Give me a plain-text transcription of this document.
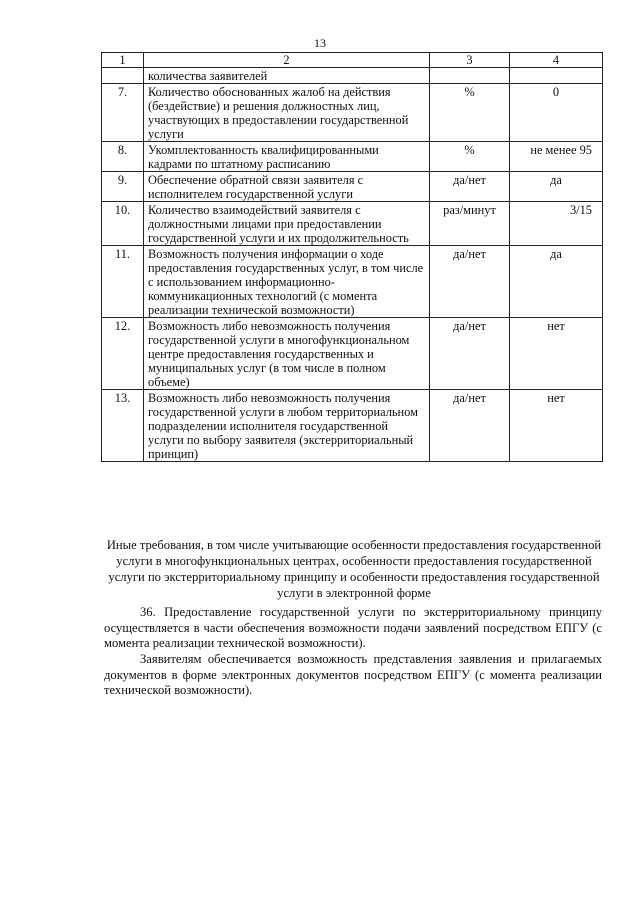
13
1	2	3	4
	количества заявителей		
7.	Количество обоснованных жалоб на действия (бездействие) и решения должностных лиц, участвующих в предоставлении государственной услуги	%	0
8.	Укомплектованность квалифицированными кадрами по штатному расписанию	%	не менее 95
9.	Обеспечение обратной связи заявителя с исполнителем государственной услуги	да/нет	да
10.	Количество взаимодействий заявителя с должностными лицами при предоставлении государственной услуги и их продолжительность	раз/минут	3/15
11.	Возможность получения информации о ходе предоставления государственных услуг, в том числе с использованием информационно-коммуникационных технологий (с момента реализации технической возможности)	да/нет	да
12.	Возможность либо невозможность получения государственной услуги в многофункциональном центре предоставления государственных и муниципальных услуг (в том числе в полном объеме)	да/нет	нет
13.	Возможность либо невозможность получения государственной услуги в любом территориальном подразделении исполнителя государственной услуги по выбору заявителя (экстерриториальный принцип)	да/нет	нет
Иные требования, в том числе учитывающие особенности предоставления государственной услуги в многофункциональных центрах, особенности предоставления государственной услуги по экстерриториальному принципу и особенности предоставления государственной услуги в электронной форме
36. Предоставление государственной услуги по экстерриториальному принципу осуществляется в части обеспечения возможности подачи заявлений посредством ЕПГУ (с момента реализации технической возможности).
Заявителям обеспечивается возможность представления заявления и прилагаемых документов в форме электронных документов посредством ЕПГУ (с момента реализации технической возможности).
